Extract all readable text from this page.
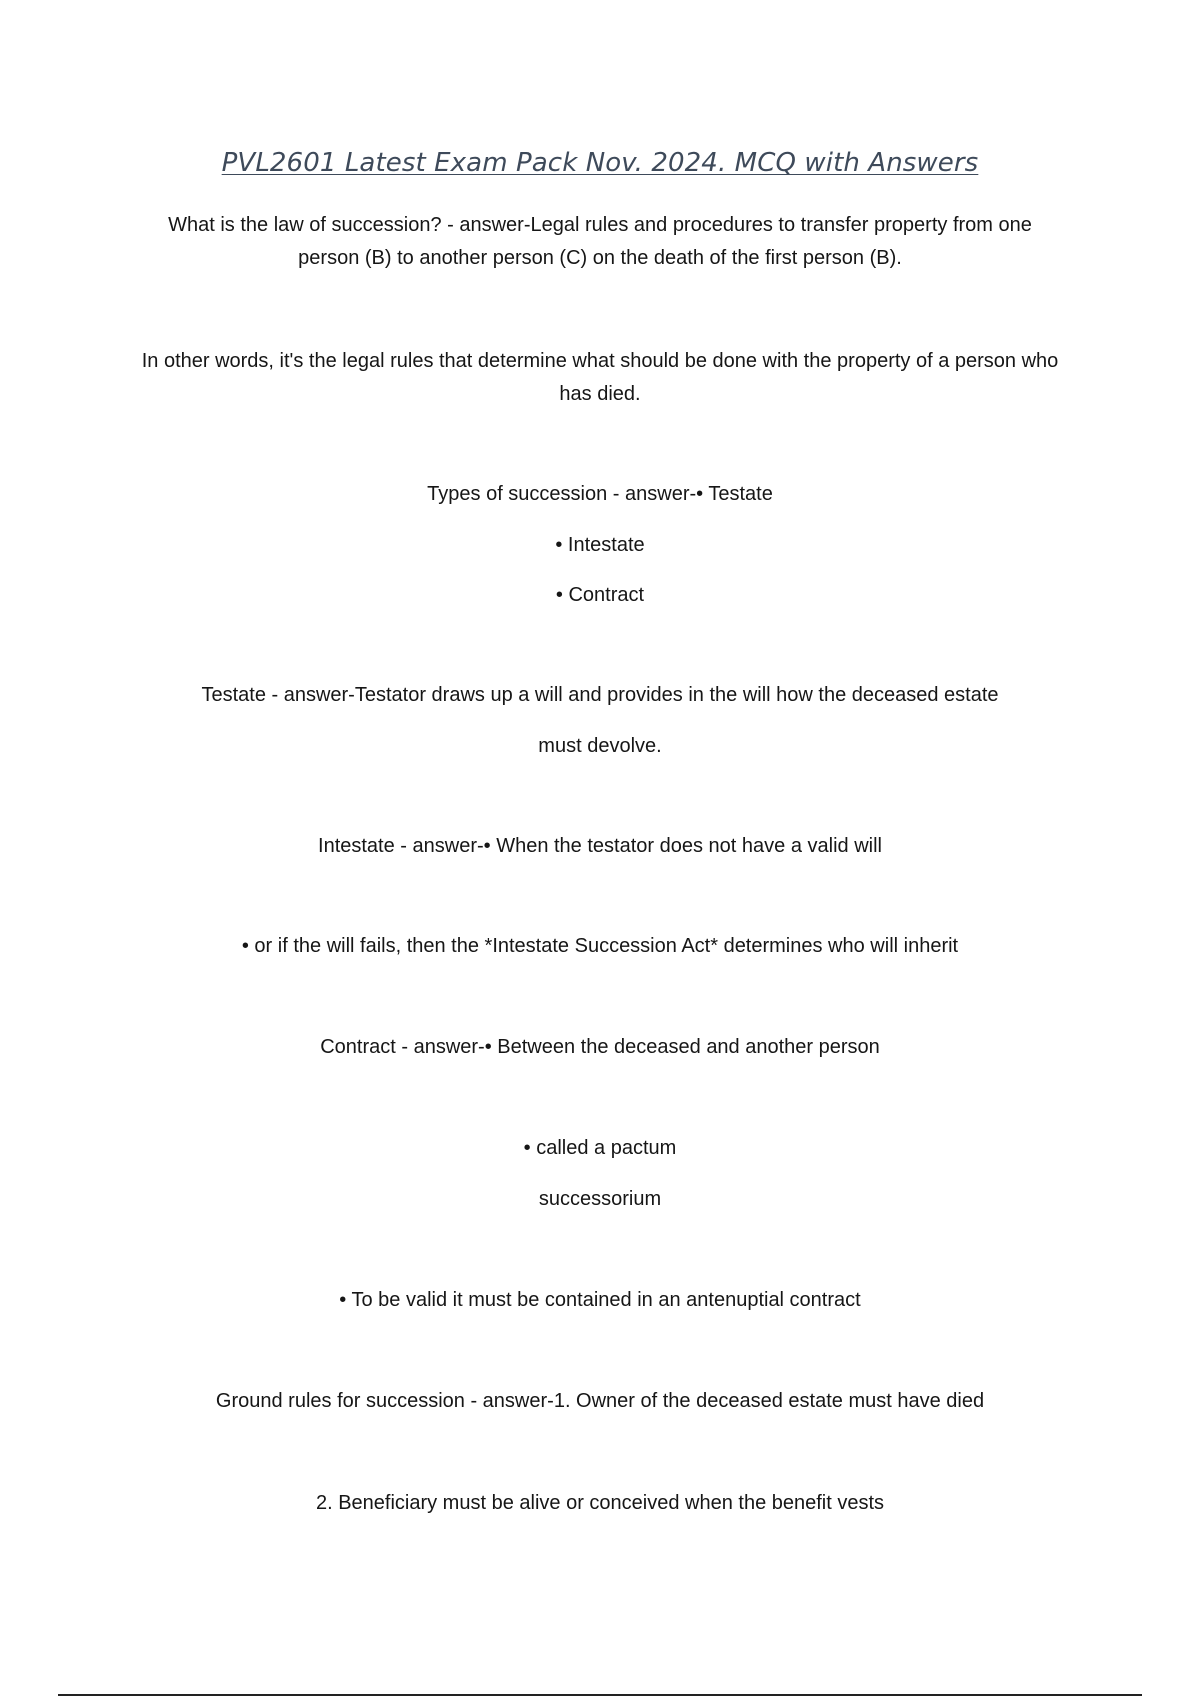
PVL2601 Latest Exam Pack Nov. 2024. MCQ with Answers
What is the law of succession? - answer-Legal rules and procedures to transfer property from one person (B) to another person (C) on the death of the first person (B).
In other words, it's the legal rules that determine what should be done with the property of a person who has died.
Types of succession - answer-• Testate
• Intestate
• Contract
Testate - answer-Testator draws up a will and provides in the will how the deceased estate
must devolve.
Intestate - answer-• When the testator does not have a valid will
• or if the will fails, then the *Intestate Succession Act* determines who will inherit
Contract - answer-• Between the deceased and another person
• called a pactum
successorium
• To be valid it must be contained in an antenuptial contract
Ground rules for succession - answer-1. Owner of the deceased estate must have died
2. Beneficiary must be alive or conceived when the benefit vests
